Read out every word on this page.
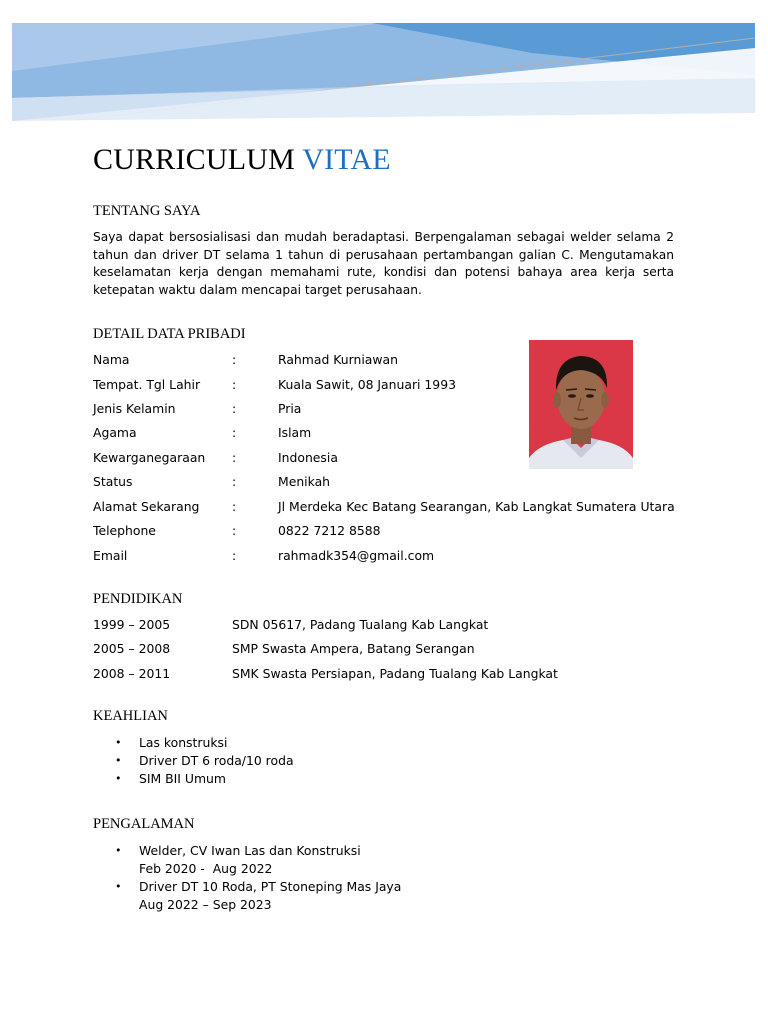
CURRICULUM VITAE
TENTANG SAYA

Saya dapat bersosialisasi dan mudah beradaptasi. Berpengalaman sebagai welder selama 2 tahun dan driver DT selama 1 tahun di perusahaan pertambangan galian C. Mengutamakan keselamatan kerja dengan memahami rute, kondisi dan potensi bahaya area kerja serta ketepatan waktu dalam mencapai target perusahaan.

DETAIL DATA PRIBADI
Nama	:	Rahmad Kurniawan
Tempat. Tgl Lahir	:	Kuala Sawit, 08 Januari 1993
Jenis Kelamin	:	Pria
Agama	:	Islam
Kewarganegaraan :	Indonesia
Status	:	Menikah
Alamat Sekarang	:	Jl Merdeka Kec Batang Searangan, Kab Langkat Sumatera Utara
Telephone	:	0822 7212 8588
Email	:	rahmadk354@gmail.com
PENDIDIKAN
1999 – 2005	SDN 05617, Padang Tualang Kab Langkat
2005 – 2008	SMP Swasta Ampera, Batang Serangan
2008 – 2011	SMK Swasta Persiapan, Padang Tualang Kab Langkat
KEAHLIAN
• Las konstruksi
• Driver DT 6 roda/10 roda
• SIM BII Umum
PENGALAMAN
• Welder, CV Iwan Las dan Konstruksi
Feb 2020 -  Aug 2022
• Driver DT 10 Roda, PT Stoneping Mas Jaya
Aug 2022 – Sep 2023
